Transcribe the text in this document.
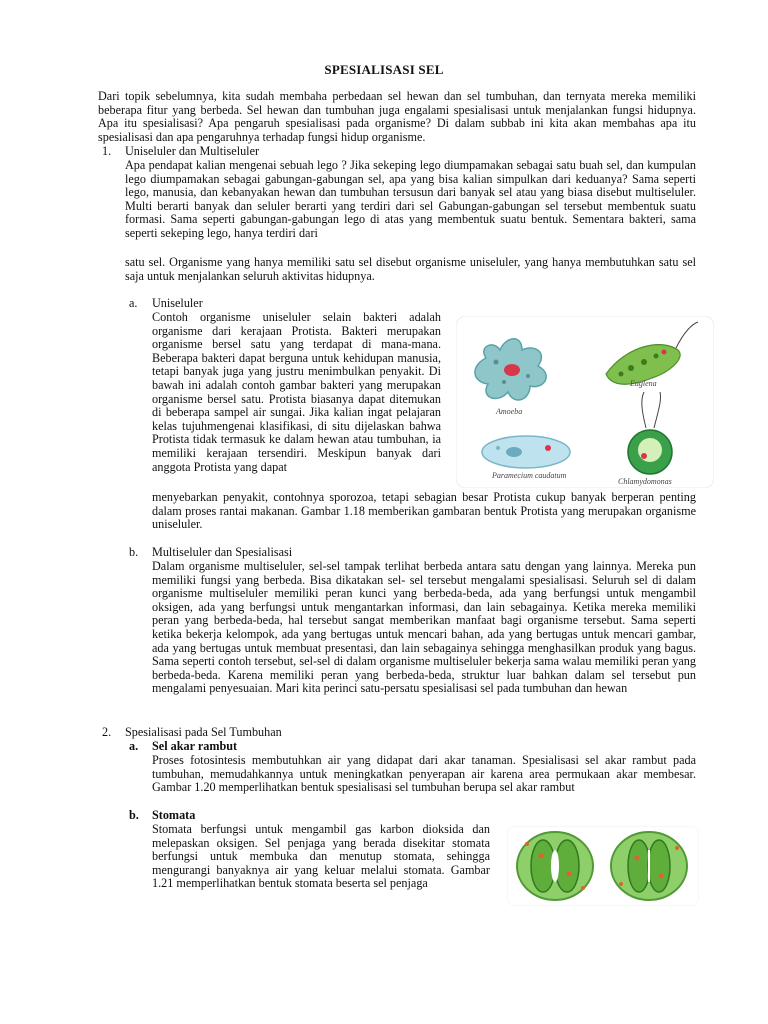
SPESIALISASI SEL

Dari topik sebelumnya, kita sudah membaha perbedaan sel hewan dan sel tumbuhan, dan ternyata mereka memiliki beberapa fitur yang berbeda. Sel hewan dan tumbuhan juga engalami spesialisasi untuk menjalankan fungsi hidupnya. Apa itu spesialisasi? Apa pengaruh spesialisasi pada organisme? Di dalam subbab ini kita akan membahas apa itu spesialisasi dan apa pengaruhnya terhadap fungsi hidup organisme.

1. Uniseluler dan Multiseluler

Apa pendapat kalian mengenai sebuah lego ? Jika sekeping lego diumpamakan sebagai satu buah sel, dan kumpulan lego diumpamakan sebagai gabungan-gabungan sel, apa yang bisa kalian simpulkan dari keduanya? Sama seperti lego, manusia, dan kebanyakan hewan dan tumbuhan tersusun dari banyak sel atau yang biasa disebut multiseluler. Multi berarti banyak dan seluler berarti yang terdiri dari sel Gabungan-gabungan sel tersebut membentuk suatu formasi. Sama seperti gabungan-gabungan lego di atas yang membentuk suatu bentuk. Sementara bakteri, sama seperti sekeping lego, hanya terdiri dari

satu sel. Organisme yang hanya memiliki satu sel disebut organisme uniseluler, yang hanya membutuhkan satu sel saja untuk menjalankan seluruh aktivitas hidupnya.

a. Uniseluler

Contoh organisme uniseluler selain bakteri adalah organisme dari kerajaan Protista. Bakteri merupakan organisme bersel satu yang terdapat di mana-mana. Beberapa bakteri dapat berguna untuk kehidupan manusia, tetapi banyak juga yang justru menimbulkan penyakit. Di bawah ini adalah contoh gambar bakteri yang merupakan organisme bersel satu. Protista biasanya dapat ditemukan di beberapa sampel air sungai. Jika kalian ingat pelajaran kelas tujuhmengenai klasifikasi, di situ dijelaskan bahwa Protista tidak termasuk ke dalam hewan atau tumbuhan, ia memiliki kerajaan tersendiri. Meskipun banyak dari anggota Protista yang dapat

menyebarkan penyakit, contohnya sporozoa, tetapi sebagian besar Protista cukup banyak berperan penting dalam proses rantai makanan. Gambar 1.18 memberikan gambaran bentuk Protista yang merupakan organisme uniseluler.

Amoeba
Euglena
Paramecium caudatum
Chlamydomonas
b. Multiseluler dan Spesialisasi

Dalam organisme multiseluler, sel-sel tampak terlihat berbeda antara satu dengan yang lainnya. Mereka pun memiliki fungsi yang berbeda. Bisa dikatakan sel- sel tersebut mengalami spesialisasi. Seluruh sel di dalam organisme multiseluler memiliki peran kunci yang berbeda-beda, ada yang berfungsi untuk mengambil oksigen, ada yang berfungsi untuk mengantarkan informasi, dan lain sebagainya. Ketika mereka memiliki peran yang berbeda-beda, hal tersebut sangat memberikan manfaat bagi organisme tersebut. Sama seperti ketika bekerja kelompok, ada yang bertugas untuk mencari bahan, ada yang bertugas untuk mencari gambar, ada yang bertugas untuk membuat presentasi, dan lain sebagainya sehingga menghasilkan produk yang bagus. Sama seperti contoh tersebut, sel-sel di dalam organisme multiseluler bekerja sama walau memiliki peran yang berbeda-beda. Karena memiliki peran yang berbeda-beda, struktur luar bahkan dalam sel tersebut pun mengalami penyesuaian. Mari kita perinci satu-persatu spesialisasi sel pada tumbuhan dan hewan

2. Spesialisasi pada Sel Tumbuhan
a. Sel akar rambut

Proses fotosintesis membutuhkan air yang didapat dari akar tanaman. Spesialisasi sel akar rambut pada tumbuhan, memudahkannya untuk meningkatkan penyerapan air karena area permukaan akar membesar. Gambar 1.20 memperlihatkan bentuk spesialisasi sel tumbuhan berupa sel akar rambut

b. Stomata

Stomata berfungsi untuk mengambil gas karbon dioksida dan melepaskan oksigen. Sel penjaga yang berada disekitar stomata berfungsi untuk membuka dan menutup stomata, sehingga mengurangi banyaknya air yang keluar melalui stomata. Gambar 1.21 memperlihatkan bentuk stomata beserta sel penjaga
